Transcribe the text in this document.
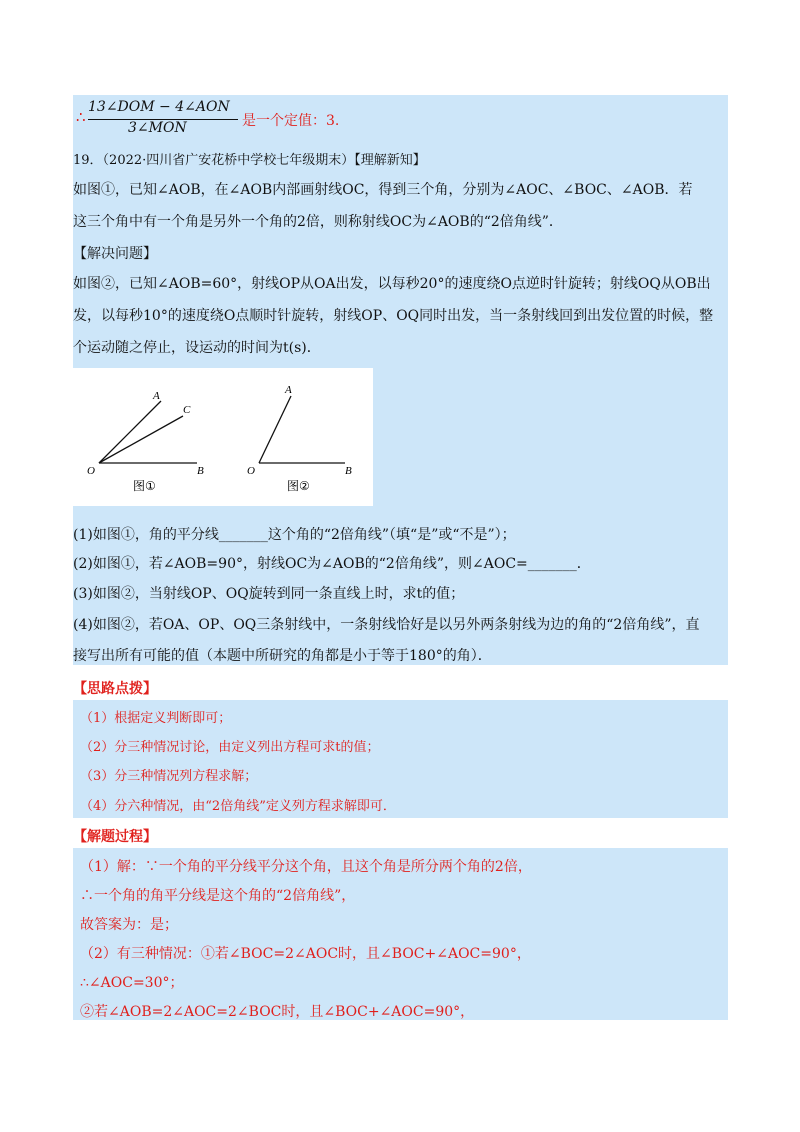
∴
13∠DOM − 4∠AON
3∠MON	是一个定值：3.
19．（2022·四川省广安花桥中学校七年级期末）【理解新知】
如图①，已知∠AOB，在∠AOB内部画射线OC，得到三个角，分别为∠AOC、∠BOC、∠AOB．若
这三个角中有一个角是另外一个角的2倍，则称射线OC为∠AOB的“2倍角线”．
【解决问题】
如图②，已知∠AOB=60°，射线OP从OA出发，以每秒20°的速度绕O点逆时针旋转；射线OQ从OB出
发，以每秒10°的速度绕O点顺时针旋转，射线OP、OQ同时出发，当一条射线回到出发位置的时候，整
个运动随之停止，设运动的时间为t(s)．
A
C
O	B
图①
A
O	B
图②
(1)如图①，角的平分线_______这个角的“2倍角线”（填“是”或“不是”）；
(2)如图①，若∠AOB=90°，射线OC为∠AOB的“2倍角线”，则∠AOC=_______．
(3)如图②，当射线OP、OQ旋转到同一条直线上时，求t的值；
(4)如图②，若OA、OP、OQ三条射线中，一条射线恰好是以另外两条射线为边的角的“2倍角线”，直
接写出所有可能的值（本题中所研究的角都是小于等于180°的角）．
【思路点拨】
（1）根据定义判断即可；
（2）分三种情况讨论，由定义列出方程可求t的值；
（3）分三种情况列方程求解；
（4）分六种情况，由“2倍角线”定义列方程求解即可．
【解题过程】
（1）解：∵一个角的平分线平分这个角，且这个角是所分两个角的2倍，
∴一个角的角平分线是这个角的“2倍角线”，
故答案为：是；
（2）有三种情况：①若∠BOC=2∠AOC时，且∠BOC+∠AOC=90°，
∴∠AOC=30°；
②若∠AOB=2∠AOC=2∠BOC时，且∠BOC+∠AOC=90°，
